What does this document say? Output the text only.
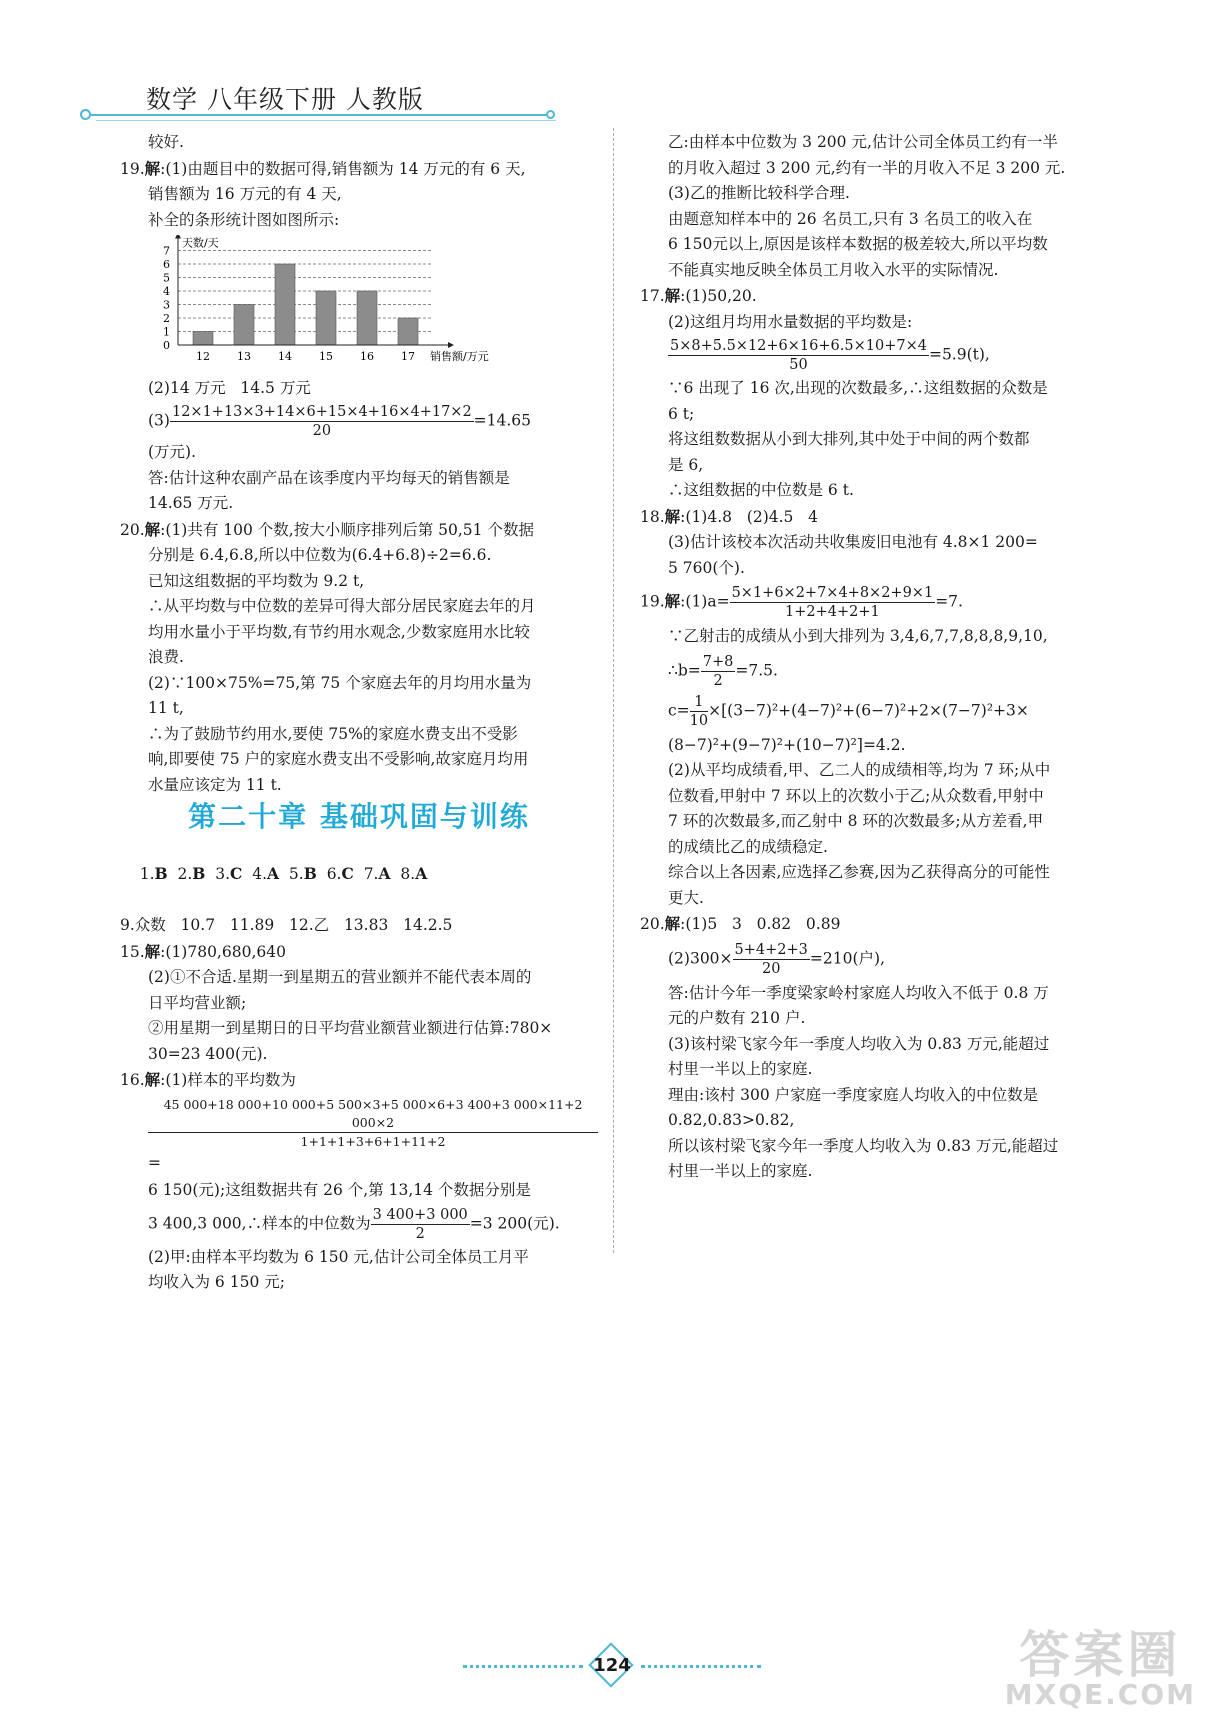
数学 八年级下册 人教版

较好.

19.解:(1)由题目中的数据可得,销售额为 14 万元的有 6 天,

销售额为 16 万元的有 4 天,

补全的条形统计图如图所示:

0
1
2
3
4
5
6
7
12 13 14 15 16 17
天数/天
销售额/万元

(2)14 万元   14.5 万元

$(3) \frac{12\times 1+13\times 3+14\times 6+15\times 4+16\times 4+17\times 2}{20} =14.65$

(万元).

答:估计这种农副产品在该季度内平均每天的销售额是

14.65 万元.

20.解:(1)共有 100 个数,按大小顺序排列后第 50,51 个数据

分别是 6.4,6.8,所以中位数为(6.4+6.8)÷2=6.6.

已知这组数据的平均数为 9.2 t,

∴从平均数与中位数的差异可得大部分居民家庭去年的月

均用水量小于平均数,有节约用水观念,少数家庭用水比较

浪费.

(2)∵100×75%=75,第 75 个家庭去年的月均用水量为

11 t,

∴为了鼓励节约用水,要使 75%的家庭水费支出不受影

响,即要使 75 户的家庭水费支出不受影响,故家庭月均用

水量应该定为 11 t.

第二十章 基础巩固与训练

1.B  2.B  3.C  4.A  5.B  6.C  7.A  8.A

9.众数   10.7   11.89   12.乙   13.83   14.2.5

15.解:(1)780,680,640

(2)①不合适.星期一到星期五的营业额并不能代表本周的

日平均营业额;

②用星期一到星期日的日平均营业额营业额进行估算:780×

30=23 400(元).

16.解:(1)样本的平均数为

$\frac{45 000+18 000+10 000+5 500\times 3+5 000\times 6+3 400+3 000\times 11+2 000\times 2}{1+1+1+3+6+1+11+2}$
=

6 150(元);这组数据共有 26 个,第 13,14 个数据分别是

3 400,3 000,∴样本的中位数为 $\frac{3 400+3 000}{2} =3$ 200(元).

(2)甲:由样本平均数为 6 150 元,估计公司全体员工月平

均收入为 6 150 元;

乙:由样本中位数为 3 200 元,估计公司全体员工约有一半

的月收入超过 3 200 元,约有一半的月收入不足 3 200 元.

(3)乙的推断比较科学合理.

由题意知样本中的 26 名员工,只有 3 名员工的收入在

6 150元以上,原因是该样本数据的极差较大,所以平均数

不能真实地反映全体员工月收入水平的实际情况.

17.解:(1)50,20.

(2)这组月均用水量数据的平均数是:

$\frac{5\times 8+5.5\times 12+6\times 16+6.5\times 10+7\times 4}{50} =5.9(t)$,

∵6 出现了 16 次,出现的次数最多,∴这组数据的众数是

6 t;

将这组数数据从小到大排列,其中处于中间的两个数都

是 6,

∴这组数据的中位数是 6 t.

18.解:(1)4.8   (2)4.5   4

(3)估计该校本次活动共收集废旧电池有 4.8×1 200=

5 760(个).

19.解:(1)a= $\frac{5\times 1+6\times 2+7\times 4+8\times 2+9\times 1}{1+2+4+2+1} =7$.

∵乙射击的成绩从小到大排列为 3,4,6,7,7,8,8,8,9,10,

∴b= $\frac{7+8}{2} =7.5$.

$c= \frac{1}{10} \times[(3-7)^2+(4-7)^2+(6-7)^2+2\times(7-7)^2+3\times$

(8−7)²+(9−7)²+(10−7)²]=4.2.

(2)从平均成绩看,甲、乙二人的成绩相等,均为 7 环;从中

位数看,甲射中 7 环以上的次数小于乙;从众数看,甲射中

7 环的次数最多,而乙射中 8 环的次数最多;从方差看,甲

的成绩比乙的成绩稳定.

综合以上各因素,应选择乙参赛,因为乙获得高分的可能性

更大.

20.解:(1)5   3   0.82   0.89

$(2)300\times \frac{5+4+2+3}{20} =210$(户),

答:估计今年一季度梁家岭村家庭人均收入不低于 0.8 万

元的户数有 210 户.

(3)该村梁飞家今年一季度人均收入为 0.83 万元,能超过

村里一半以上的家庭.

理由:该村 300 户家庭一季度家庭人均收入的中位数是

0.82,0.83>0.82,

所以该村梁飞家今年一季度人均收入为 0.83 万元,能超过

村里一半以上的家庭.

124	答案圈
MXQE.COM
